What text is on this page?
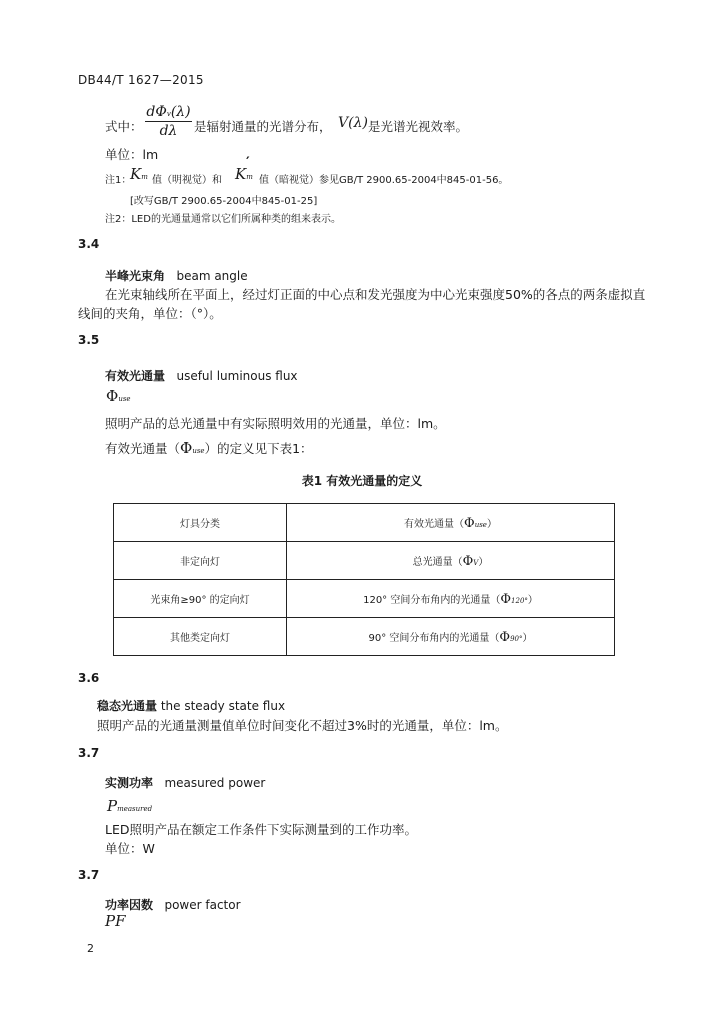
DB44/T 1627—2015
式中：
dΦv(λ)
dλ	是辐射通量的光谱分布， V(λ) 是光谱光视效率。
单位：lm
注1：
Km 值（明视觉）和 Km
′
值（暗视觉）参见GB/T 2900.65-2004中845-01-56。
[改写GB/T 2900.65-2004中845-01-25]
注2：LED的光通量通常以它们所属种类的组来表示。
3.4
半峰光束角 beam angle
在光束轴线所在平面上，经过灯正面的中心点和发光强度为中心光束强度50%的各点的两条虚拟直
线间的夹角，单位：（°）。
3.5
有效光通量 useful luminous flux
Φuse
照明产品的总光通量中有实际照明效用的光通量，单位：lm。
有效光通量（Φuse）的定义见下表1：
表1 有效光通量的定义
灯具分类	有效光通量（Φuse）
非定向灯	总光通量（ΦV）
光束角≥90° 的定向灯	120° 空间分布角内的光通量（Φ120°）
其他类定向灯	90° 空间分布角内的光通量（Φ90°）
3.6
稳态光通量 the steady state flux
照明产品的光通量测量值单位时间变化不超过3%时的光通量，单位：lm。
3.7
实测功率 measured power
Pmeasured
LED照明产品在额定工作条件下实际测量到的工作功率。
单位：W
3.7
功率因数 power factor
PF
2
